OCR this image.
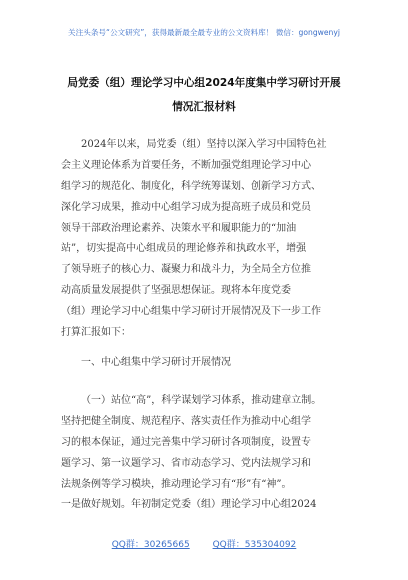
关注头条号“公文研究”，获得最新最全最专业的公文资料库！ 微信：gongwenyj
局党委（组）理论学习中心组2024年度集中学习研讨开展
情况汇报材料
2024年以来，局党委（组）坚持以深入学习中国特色社
会主义理论体系为首要任务，不断加强党组理论学习中心
组学习的规范化、制度化，科学统筹谋划、创新学习方式、
深化学习成果，推动中心组学习成为提高班子成员和党员
领导干部政治理论素养、决策水平和履职能力的“加油
站”，切实提高中心组成员的理论修养和执政水平，增强
了领导班子的核心力、凝聚力和战斗力，为全局全方位推
动高质量发展提供了坚强思想保证。现将本年度党委
（组）理论学习中心组集中学习研讨开展情况及下一步工作
打算汇报如下：
一、中心组集中学习研讨开展情况
（一）站位“高”，科学谋划学习体系，推动建章立制。
坚持把健全制度、规范程序、落实责任作为推动中心组学
习的根本保证，通过完善集中学习研讨各项制度，设置专
题学习、第一议题学习、省市动态学习、党内法规学习和
法规条例等学习模块，推动理论学习有“形”有“神”。
一是做好规划。年初制定党委（组）理论学习中心组2024
QQ群：30265665	QQ群：535304092
